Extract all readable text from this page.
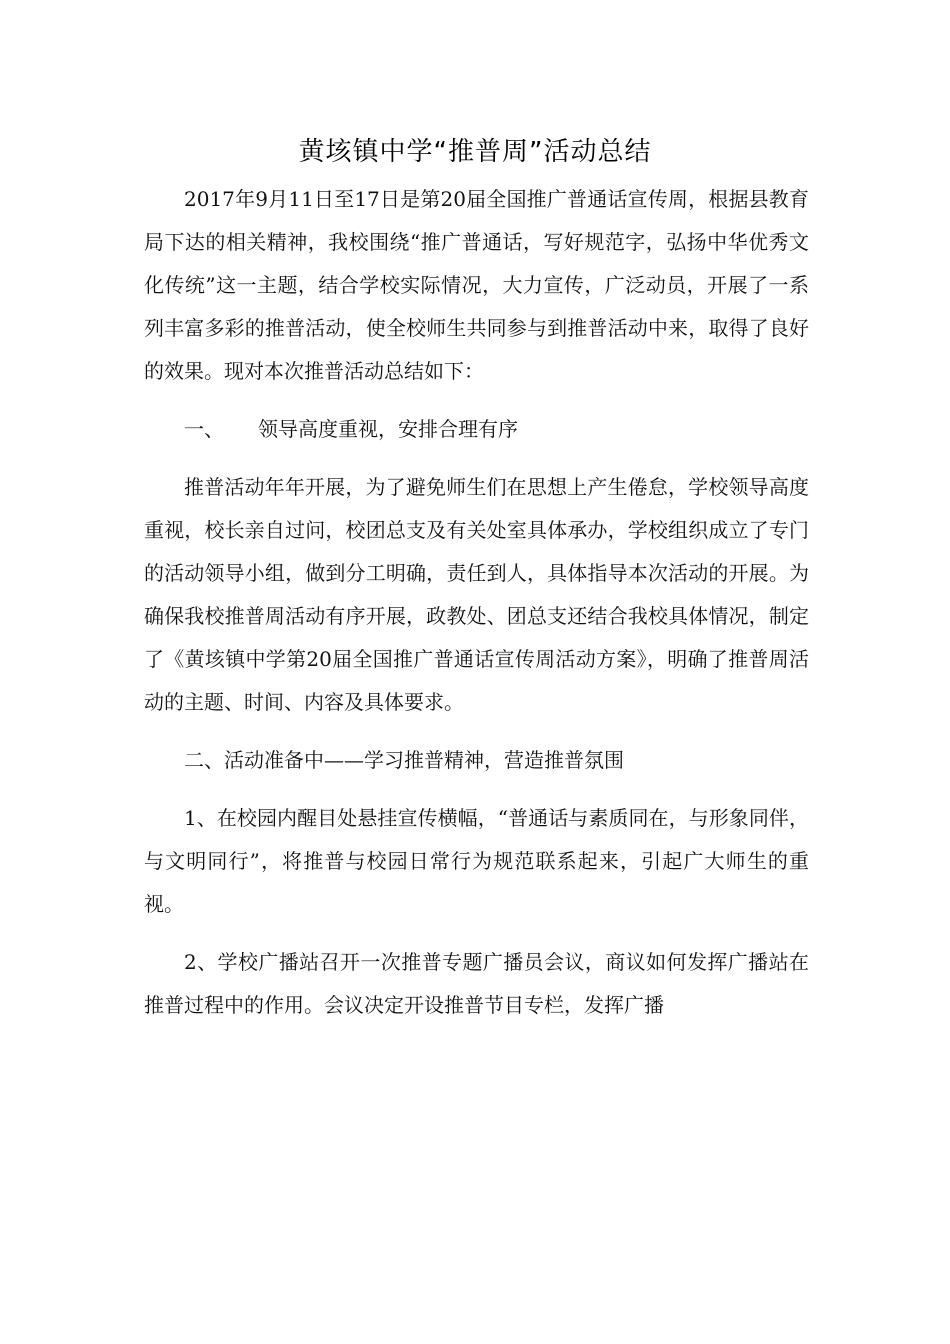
黄垓镇中学“推普周”活动总结

2017年9月11日至17日是第20届全国推广普通话宣传周，根据县教育局下达的相关精神，我校围绕“推广普通话，写好规范字，弘扬中华优秀文化传统”这一主题，结合学校实际情况，大力宣传，广泛动员，开展了一系列丰富多彩的推普活动，使全校师生共同参与到推普活动中来，取得了良好的效果。现对本次推普活动总结如下：

一、 领导高度重视，安排合理有序

推普活动年年开展，为了避免师生们在思想上产生倦怠，学校领导高度重视，校长亲自过问，校团总支及有关处室具体承办，学校组织成立了专门的活动领导小组，做到分工明确，责任到人，具体指导本次活动的开展。为确保我校推普周活动有序开展，政教处、团总支还结合我校具体情况，制定了《黄垓镇中学第20届全国推广普通话宣传周活动方案》，明确了推普周活动的主题、时间、内容及具体要求。

二、活动准备中——学习推普精神，营造推普氛围

1、在校园内醒目处悬挂宣传横幅，“普通话与素质同在，与形象同伴，与文明同行”，将推普与校园日常行为规范联系起来，引起广大师生的重视。

2、学校广播站召开一次推普专题广播员会议，商议如何发挥广播站在推普过程中的作用。会议决定开设推普节目专栏，发挥广播
